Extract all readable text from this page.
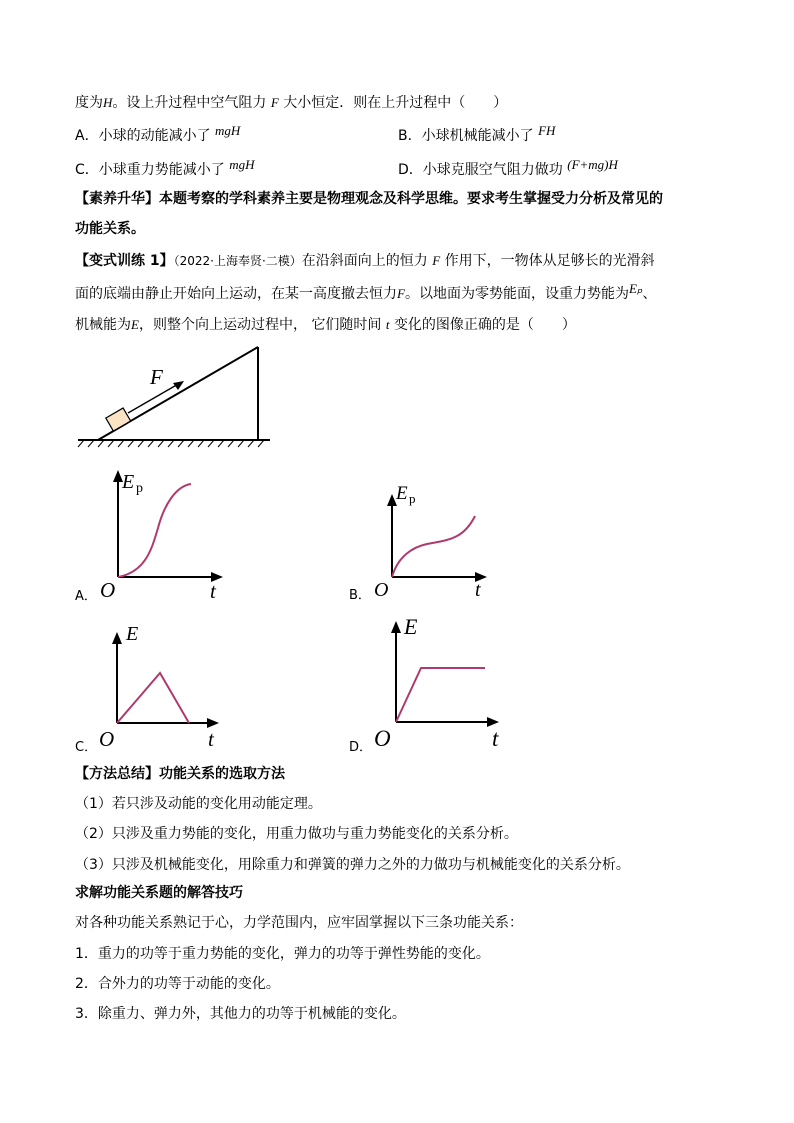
度为H。设上升过程中空气阻力 F 大小恒定．则在上升过程中（　　）
A．小球的动能减小了 mgH	B．小球机械能减小了 FH
C．小球重力势能减小了 mgH	D．小球克服空气阻力做功 (F+mg)H
【素养升华】本题考察的学科素养主要是物理观念及科学思维。要求考生掌握受力分析及常见的
功能关系。
【变式训练 1】（2022·上海奉贤·二模）在沿斜面向上的恒力 F 作用下，一物体从足够长的光滑斜
面的底端由静止开始向上运动，在某一高度撤去恒力F。以地面为零势能面，设重力势能为Eₚ、
机械能为E，则整个向上运动过程中， 它们随时间 t 变化的图像正确的是（　　）
F
A．
E p
O	t	B．
E p
O	t
C．
E
O	t	D．
E
O	t
【方法总结】功能关系的选取方法
（1）若只涉及动能的变化用动能定理。
（2）只涉及重力势能的变化，用重力做功与重力势能变化的关系分析。
（3）只涉及机械能变化，用除重力和弹簧的弹力之外的力做功与机械能变化的关系分析。
求解功能关系题的解答技巧
对各种功能关系熟记于心，力学范围内，应牢固掌握以下三条功能关系：
1．重力的功等于重力势能的变化，弹力的功等于弹性势能的变化。
2．合外力的功等于动能的变化。
3．除重力、弹力外，其他力的功等于机械能的变化。
